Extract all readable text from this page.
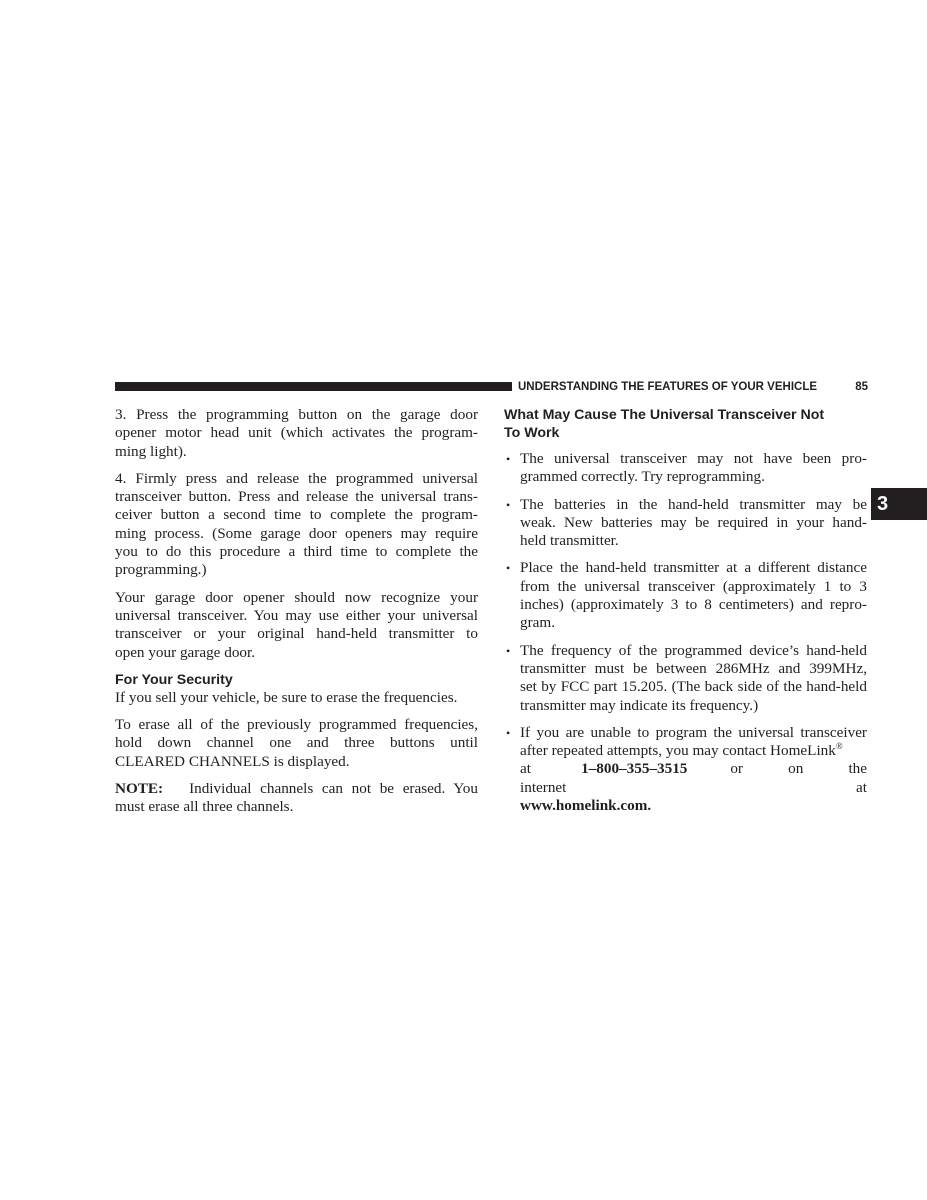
UNDERSTANDING THE FEATURES OF YOUR VEHICLE	85
3

3. Press the programming button on the garage door
opener motor head unit (which activates the program-
ming light).

4. Firmly press and release the programmed universal
transceiver button. Press and release the universal trans-
ceiver button a second time to complete the program-
ming process. (Some garage door openers may require
you to do this procedure a third time to complete the
programming.)

Your garage door opener should now recognize your
universal transceiver. You may use either your universal
transceiver or your original hand-held transmitter to
open your garage door.

For Your Security

If you sell your vehicle, be sure to erase the frequencies.

To erase all of the previously programmed frequencies,
hold down channel one and three buttons until
CLEARED CHANNELS is displayed.

NOTE: Individual channels can not be erased. You
must erase all three channels.

What May Cause The Universal Transceiver Not
To Work
• The universal transceiver may not have been pro-
grammed correctly. Try reprogramming.
• The batteries in the hand-held transmitter may be
weak. New batteries may be required in your hand-
held transmitter.
• Place the hand-held transmitter at a different distance
from the universal transceiver (approximately 1 to 3
inches) (approximately 3 to 8 centimeters) and repro-
gram.
• The frequency of the programmed device’s hand-held
transmitter must be between 286MHz and 399MHz,
set by FCC part 15.205. (The back side of the hand-held
transmitter may indicate its frequency.)
• If you are unable to program the universal transceiver
after repeated attempts, you may contact HomeLink®
at	1–800–355–3515	or on the internet at
www.homelink.com.
